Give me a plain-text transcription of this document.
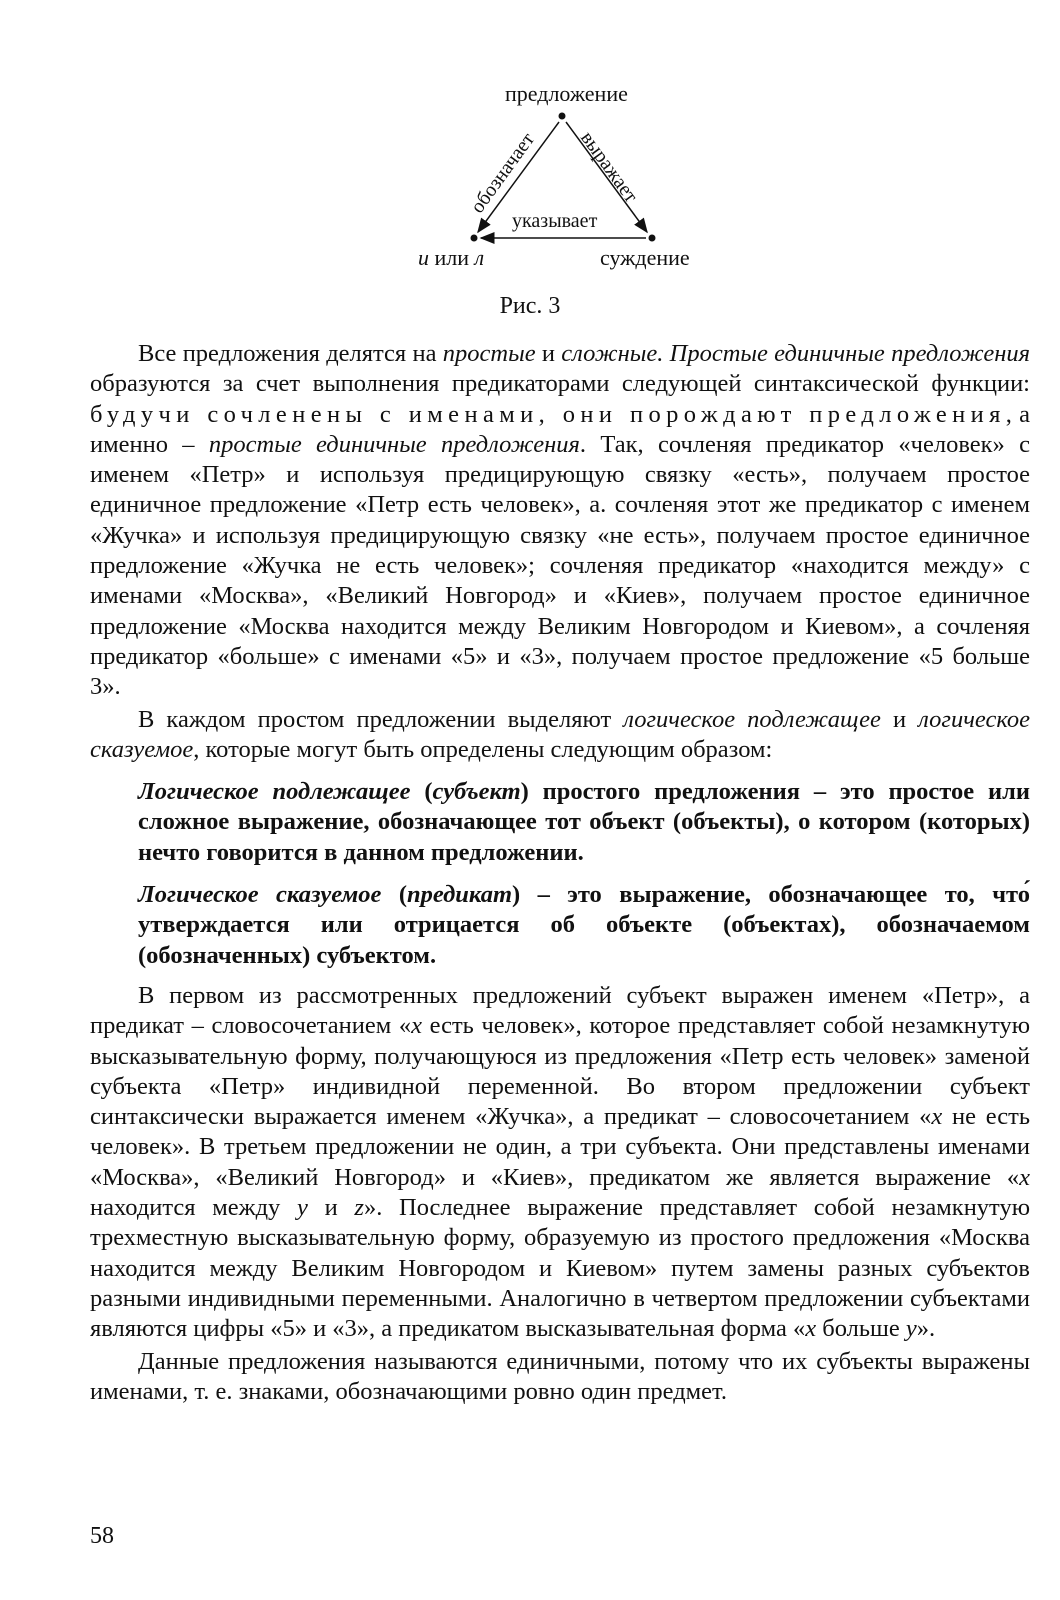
предложение
и или л	суждение
обозначает выражает
указывает
Рис. 3

Все предложения делятся на простые и сложные. Простые единичные предложения образуются за счет выполнения предикаторами следующей синтаксической функции: будучи сочленены с именами, они порождают предложения, а именно – простые единичные предложения. Так, сочленяя предикатор «человек» с именем «Петр» и используя предицирующую связку «есть», получаем простое единичное предложение «Петр есть человек», а. сочленяя этот же предикатор с именем «Жучка» и используя предицирующую связку «не есть», получаем простое единичное предложение «Жучка не есть человек»; сочленяя предикатор «находится между» с именами «Москва», «Великий Новгород» и «Киев», получаем простое единичное предложение «Москва находится между Великим Новгородом и Киевом», а сочленяя предикатор «больше» с именами «5» и «3», получаем простое предложение «5 больше 3».

В каждом простом предложении выделяют логическое подлежащее и логическое сказуемое, которые могут быть определены следующим образом:

Логическое подлежащее (субъект) простого предложения – это простое или сложное выражение, обозначающее тот объект (объекты), о котором (которых) нечто говорится в данном предложении.

Логическое сказуемое (предикат) – это выражение, обозначающее то, что́ утверждается или отрицается об объекте (объектах), обозначаемом (обозначенных) субъектом.

В первом из рассмотренных предложений субъект выражен именем «Петр», а предикат – словосочетанием «x есть человек», которое представляет собой незамкнутую высказывательную форму, получающуюся из предложения «Петр есть человек» заменой субъекта «Петр» индивидной переменной. Во втором предложении субъект синтаксически выражается именем «Жучка», а предикат – словосочетанием «x не есть человек». В третьем предложении не один, а три субъекта. Они представлены именами «Москва», «Великий Новгород» и «Киев», предикатом же является выражение «x находится между y и z». Последнее выражение представляет собой незамкнутую трехместную высказывательную форму, образуемую из простого предложения «Москва находится между Великим Новгородом и Киевом» путем замены разных субъектов разными индивидными переменными. Аналогично в четвертом предложении субъектами являются цифры «5» и «3», а предикатом высказывательная форма «x больше y».

Данные предложения называются единичными, потому что их субъекты выражены именами, т. е. знаками, обозначающими ровно один предмет.

58
